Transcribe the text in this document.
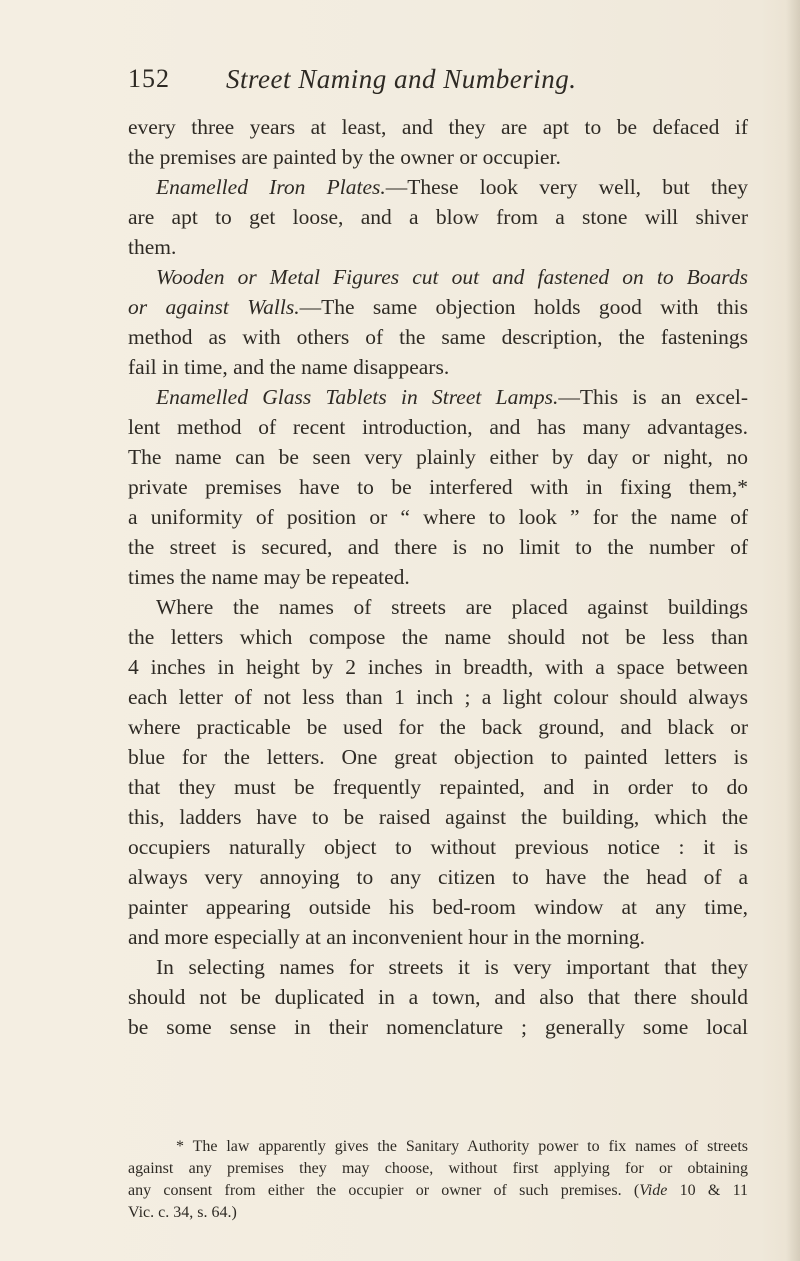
152 Street Naming and Numbering.
every three years at least, and they are apt to be defaced if
the premises are painted by the owner or occupier.
Enamelled Iron Plates.—These look very well, but they
are apt to get loose, and a blow from a stone will shiver
them.
Wooden or Metal Figures cut out and fastened on to Boards
or against Walls.—The same objection holds good with this
method as with others of the same description, the fastenings
fail in time, and the name disappears.
Enamelled Glass Tablets in Street Lamps.—This is an excel-
lent method of recent introduction, and has many advantages.
The name can be seen very plainly either by day or night, no
private premises have to be interfered with in fixing them,*
a uniformity of position or “ where to look ” for the name of
the street is secured, and there is no limit to the number of
times the name may be repeated.
Where the names of streets are placed against buildings
the letters which compose the name should not be less than
4 inches in height by 2 inches in breadth, with a space between
each letter of not less than 1 inch ; a light colour should always
where practicable be used for the back ground, and black or
blue for the letters. One great objection to painted letters is
that they must be frequently repainted, and in order to do
this, ladders have to be raised against the building, which the
occupiers naturally object to without previous notice : it is
always very annoying to any citizen to have the head of a
painter appearing outside his bed-room window at any time,
and more especially at an inconvenient hour in the morning.
In selecting names for streets it is very important that they
should not be duplicated in a town, and also that there should
be some sense in their nomenclature ; generally some local
* The law apparently gives the Sanitary Authority power to fix names of streets
against any premises they may choose, without first applying for or obtaining
any consent from either the occupier or owner of such premises. (Vide 10 & 11
Vic. c. 34, s. 64.)
